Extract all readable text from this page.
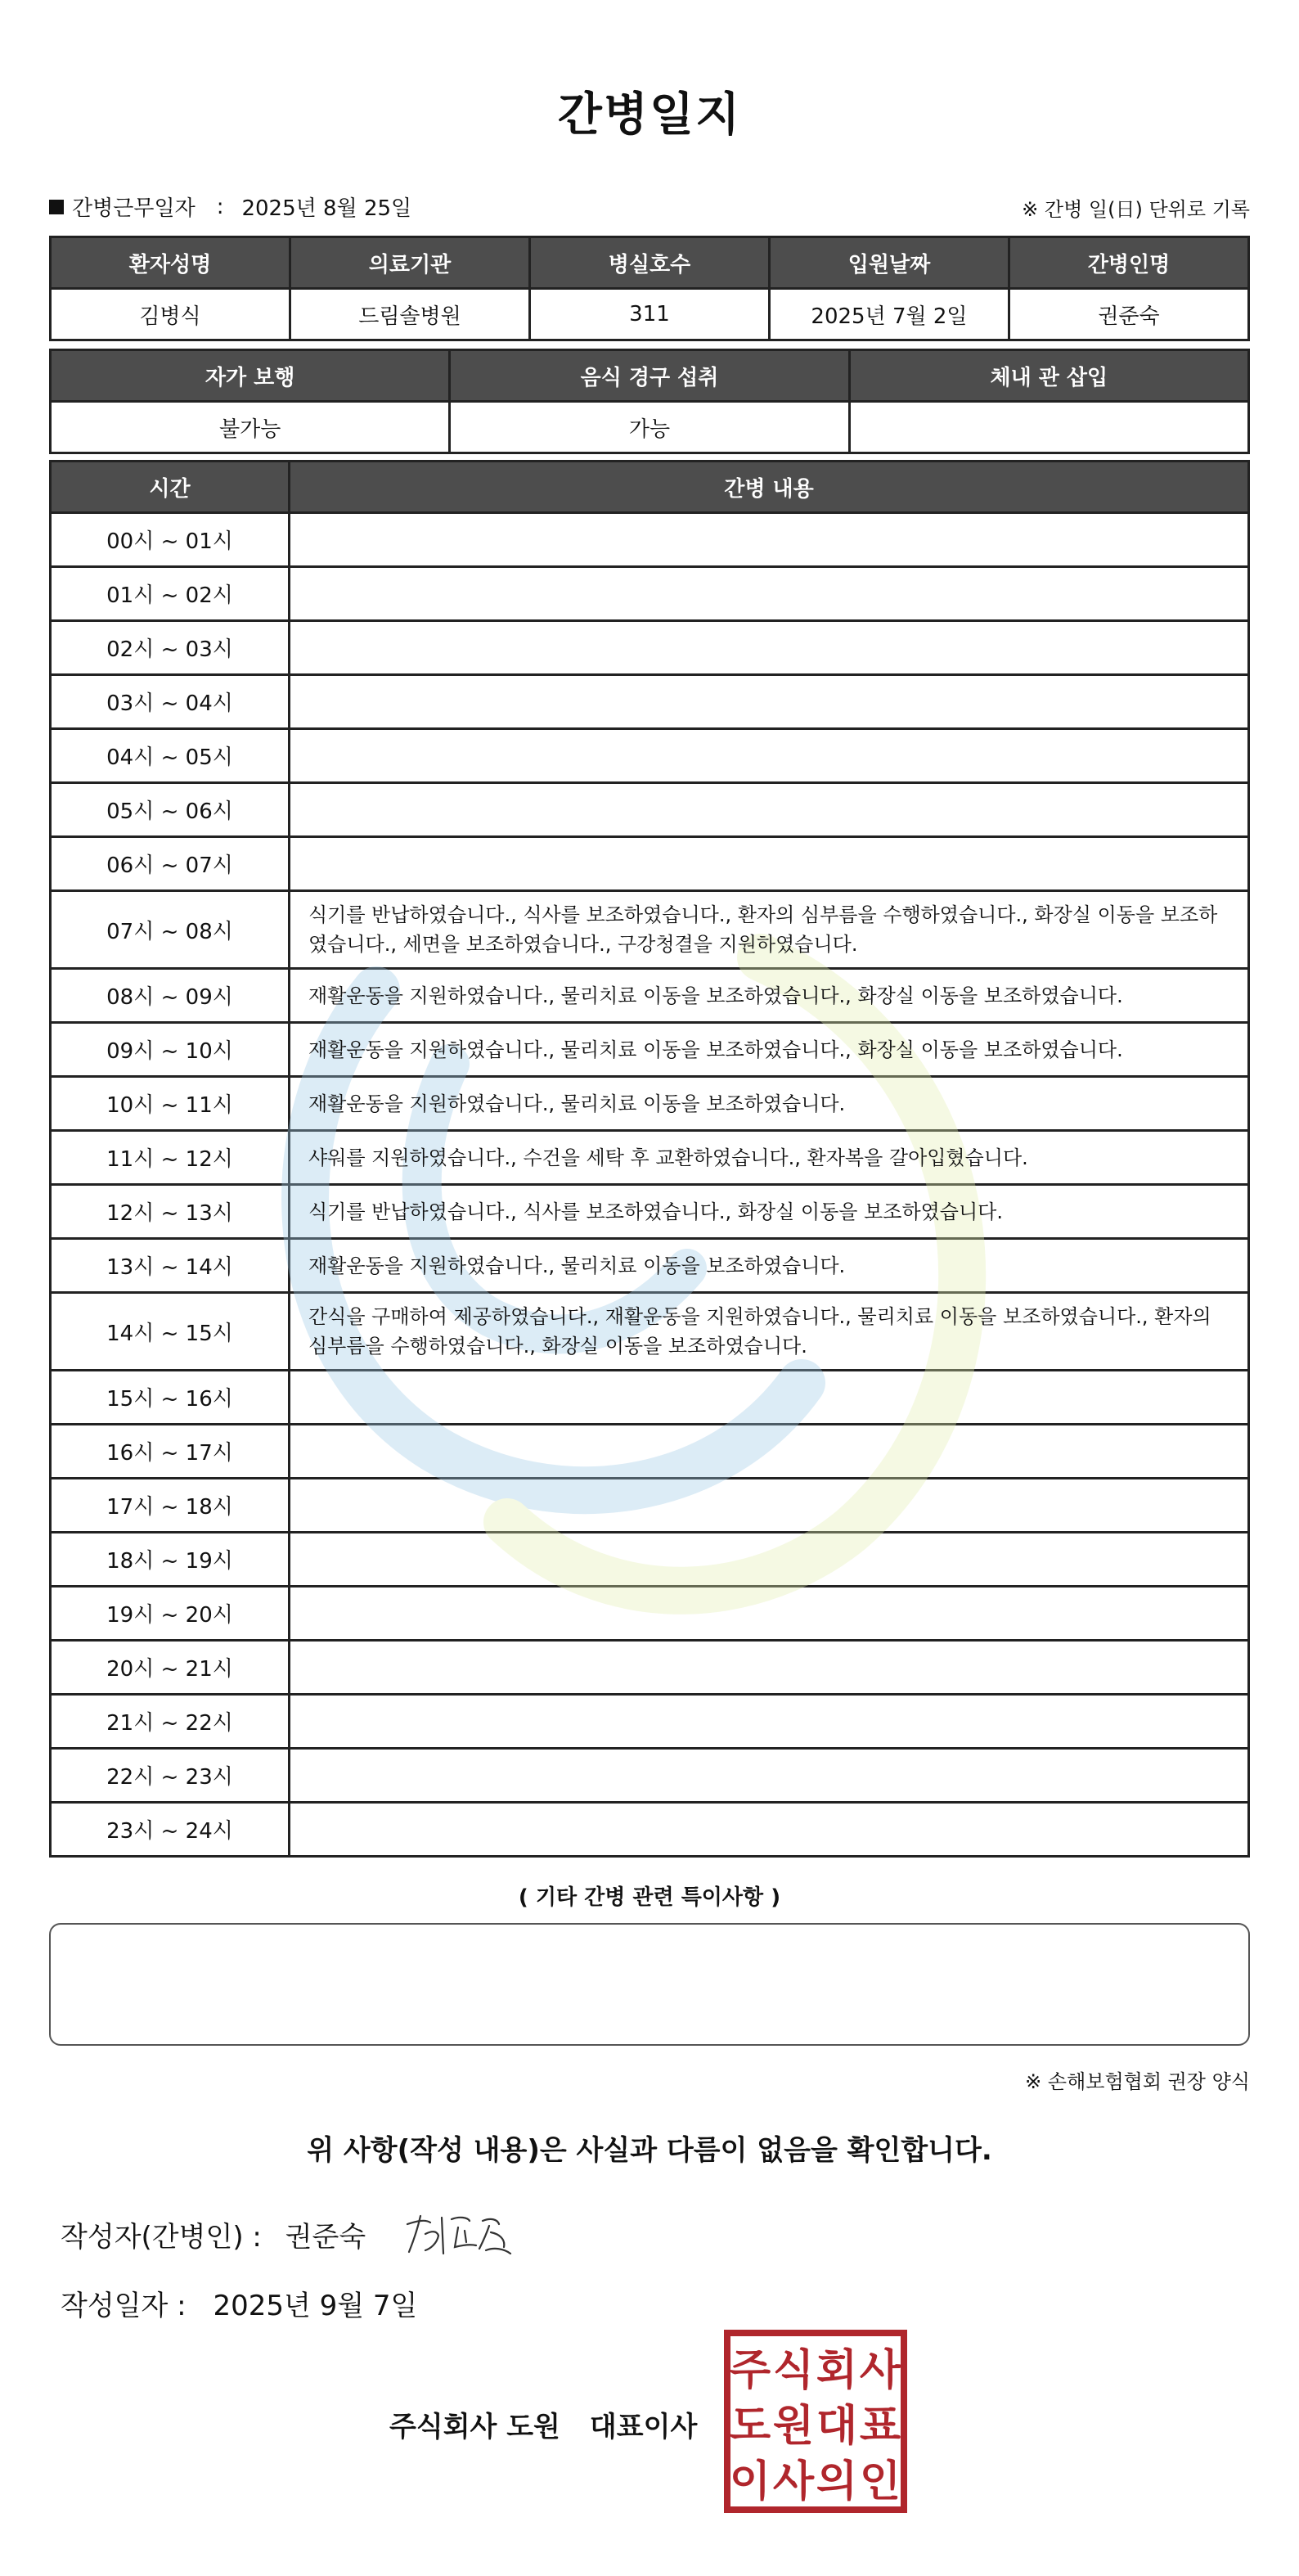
간병일지
간병근무일자 : 2025년 8월 25일	※ 간병 일(日) 단위로 기록
환자성명	의료기관	병실호수	입원날짜	간병인명
김병식	드림솔병원	311	2025년 7월 2일	권준숙
자가 보행	음식 경구 섭취	체내 관 삽입
불가능	가능	
시간	간병 내용
00시 ~ 01시	
01시 ~ 02시	
02시 ~ 03시	
03시 ~ 04시	
04시 ~ 05시	
05시 ~ 06시	
06시 ~ 07시	
07시 ~ 08시	식기를 반납하였습니다., 식사를 보조하였습니다., 환자의 심부름을 수행하였습니다., 화장실 이동을 보조하였습니다., 세면을 보조하였습니다., 구강청결을 지원하였습니다.
08시 ~ 09시	재활운동을 지원하였습니다., 물리치료 이동을 보조하였습니다., 화장실 이동을 보조하였습니다.
09시 ~ 10시	재활운동을 지원하였습니다., 물리치료 이동을 보조하였습니다., 화장실 이동을 보조하였습니다.
10시 ~ 11시	재활운동을 지원하였습니다., 물리치료 이동을 보조하였습니다.
11시 ~ 12시	샤워를 지원하였습니다., 수건을 세탁 후 교환하였습니다., 환자복을 갈아입혔습니다.
12시 ~ 13시	식기를 반납하였습니다., 식사를 보조하였습니다., 화장실 이동을 보조하였습니다.
13시 ~ 14시	재활운동을 지원하였습니다., 물리치료 이동을 보조하였습니다.
14시 ~ 15시	간식을 구매하여 제공하였습니다., 재활운동을 지원하였습니다., 물리치료 이동을 보조하였습니다., 환자의 심부름을 수행하였습니다., 화장실 이동을 보조하였습니다.
15시 ~ 16시	
16시 ~ 17시	
17시 ~ 18시	
18시 ~ 19시	
19시 ~ 20시	
20시 ~ 21시	
21시 ~ 22시	
22시 ~ 23시	
23시 ~ 24시	
( 기타 간병 관련 특이사항 )
※ 손해보험협회 권장 양식
위 사항(작성 내용)은 사실과 다름이 없음을 확인합니다.
작성자(간병인) : 권준숙
작성일자 : 2025년 9월 7일
주식회사 도원 대표이사
주 식 회 사
도 원 대 표
이 사 의 인
